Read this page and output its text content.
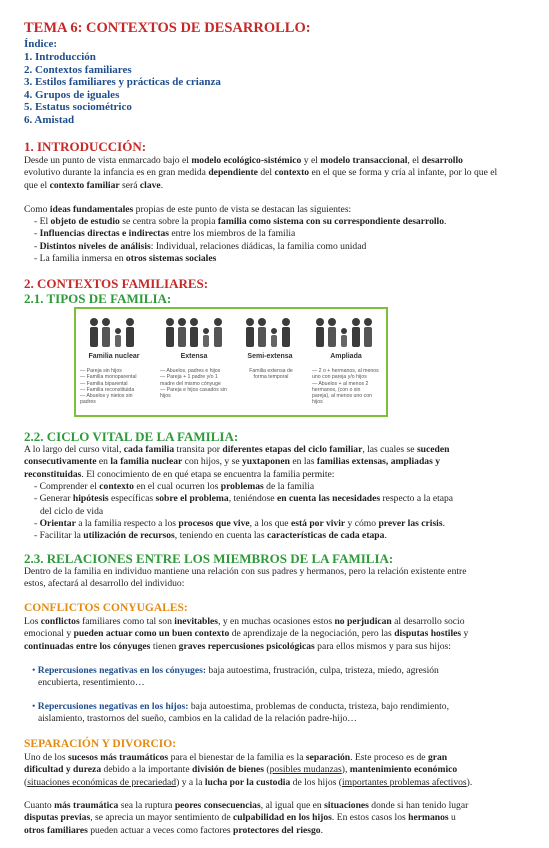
TEMA 6: CONTEXTOS DE DESARROLLO:
Índice:
1. Introducción
2. Contextos familiares
3. Estilos familiares y prácticas de crianza
4. Grupos de iguales
5. Estatus sociométrico
6. Amistad
1. INTRODUCCIÓN:
Desde un punto de vista enmarcado bajo el modelo ecológico-sistémico y el modelo transaccional, el desarrollo
evolutivo durante la infancia es en gran medida dependiente del contexto en el que se forma y cría al infante, por lo que el
que el contexto familiar será clave.
Como ideas fundamentales propias de este punto de vista se destacan las siguientes:
- El objeto de estudio se centra sobre la propia familia como sistema con su correspondiente desarrollo.
- Influencias directas e indirectas entre los miembros de la familia
- Distintos niveles de análisis: Individual, relaciones diádicas, la familia como unidad
- La familia inmersa en otros sistemas sociales
2. CONTEXTOS FAMILIARES:
2.1. TIPOS DE FAMILIA:
Familia nuclear
— Pareja sin hijos
— Familia monoparental
— Familia biparental
— Familia reconstituida
— Abuelos y nietos sin
padres
Extensa
— Abuelos, padres e hijos
— Pareja + 1 padre y/o 1
madre del mismo cónyuge
— Pareja e hijos casados sin
hijos
Semi-extensa
Familia extensa de
forma temporal
Ampliada
— 2 o + hermanos, al menos
uno con pareja y/o hijos
— Abuelos + al menos 2
hermanos, (con o sin
pareja), al menos uno con
hijos
2.2. CICLO VITAL DE LA FAMILIA:
A lo largo del curso vital, cada familia transita por diferentes etapas del ciclo familiar, las cuales se suceden
consecutivamente en la familia nuclear con hijos, y se yuxtaponen en las familias extensas, ampliadas y
reconstituidas. El conocimiento de en qué etapa se encuentra la familia permite:
- Comprender el contexto en el cual ocurren los problemas de la familia
- Generar hipótesis específicas sobre el problema, teniéndose en cuenta las necesidades respecto a la etapa
del ciclo de vida
- Orientar a la familia respecto a los procesos que vive, a los que está por vivir y cómo prever las crisis.
- Facilitar la utilización de recursos, teniendo en cuenta las características de cada etapa.
2.3. RELACIONES ENTRE LOS MIEMBROS DE LA FAMILIA:
Dentro de la familia en individuo mantiene una relación con sus padres y hermanos, pero la relación existente entre
estos, afectará al desarrollo del individuo:
CONFLICTOS CONYUGALES:
Los conflictos familiares como tal son inevitables, y en muchas ocasiones estos no perjudican al desarrollo socio
emocional y pueden actuar como un buen contexto de aprendizaje de la negociación, pero las disputas hostiles y
continuadas entre los cónyuges tienen graves repercusiones psicológicas para ellos mismos y para sus hijos:
• Repercusiones negativas en los cónyuges: baja autoestima, frustración, culpa, tristeza, miedo, agresión
encubierta, resentimiento…
• Repercusiones negativas en los hijos: baja autoestima, problemas de conducta, tristeza, bajo rendimiento,
aislamiento, trastornos del sueño, cambios en la calidad de la relación padre-hijo…
SEPARACIÓN Y DIVORCIO:
Uno de los sucesos más traumáticos para el bienestar de la familia es la separación. Este proceso es de gran
dificultad y dureza debido a la importante división de bienes (posibles mudanzas), mantenimiento económico
(situaciones económicas de precariedad) y a la lucha por la custodia de los hijos (importantes problemas afectivos).
Cuanto más traumática sea la ruptura peores consecuencias, al igual que en situaciones donde si han tenido lugar
disputas previas, se aprecia un mayor sentimiento de culpabilidad en los hijos. En estos casos los hermanos u
otros familiares pueden actuar a veces como factores protectores del riesgo.
